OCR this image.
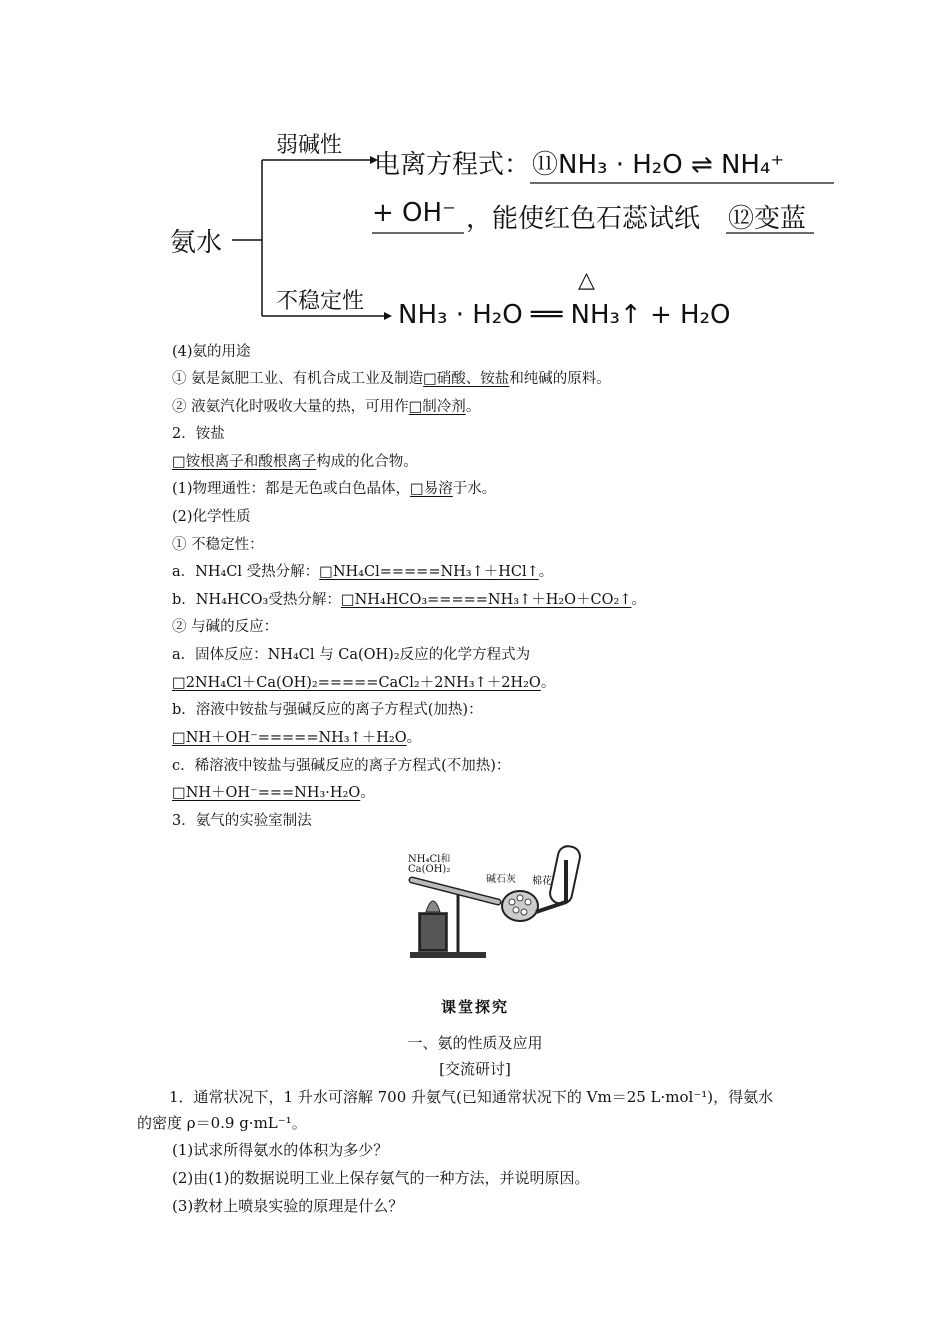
氨水
弱碱性
电离方程式： ⑪NH₃ · H₂O ⇌ NH₄⁺
+ OH⁻ ，能使红色石蕊试纸 ⑫变蓝
不稳定性
△
NH₃ · H₂O ══ NH₃↑ + H₂O
(4)氨的用途
① 氨是氮肥工业、有机合成工业及制造□硝酸、铵盐和纯碱的原料。
② 液氨汽化时吸收大量的热，可用作□制冷剂。
2．铵盐
□铵根离子和酸根离子构成的化合物。
(1)物理通性：都是无色或白色晶体，□易溶于水。
(2)化学性质
① 不稳定性：
a．NH₄Cl 受热分解：□NH₄Cl=====NH₃↑＋HCl↑。
b．NH₄HCO₃受热分解：□NH₄HCO₃=====NH₃↑＋H₂O＋CO₂↑。
② 与碱的反应：
a．固体反应：NH₄Cl 与 Ca(OH)₂反应的化学方程式为
□2NH₄Cl＋Ca(OH)₂=====CaCl₂＋2NH₃↑＋2H₂O。
b．溶液中铵盐与强碱反应的离子方程式(加热)：
□NH＋OH⁻=====NH₃↑＋H₂O。
c．稀溶液中铵盐与强碱反应的离子方程式(不加热)：
□NH＋OH⁻===NH₃·H₂O。
3．氨气的实验室制法
NH₄Cl和
Ca(OH)₂
碱石灰 棉花
课堂探究
一、氨的性质及应用
[交流研讨]
1．通常状况下，1 升水可溶解 700 升氨气(已知通常状况下的 Vm＝25 L·mol⁻¹)，得氨水
的密度 ρ＝0.9 g·mL⁻¹。
(1)试求所得氨水的体积为多少？
(2)由(1)的数据说明工业上保存氨气的一种方法，并说明原因。
(3)教材上喷泉实验的原理是什么？
